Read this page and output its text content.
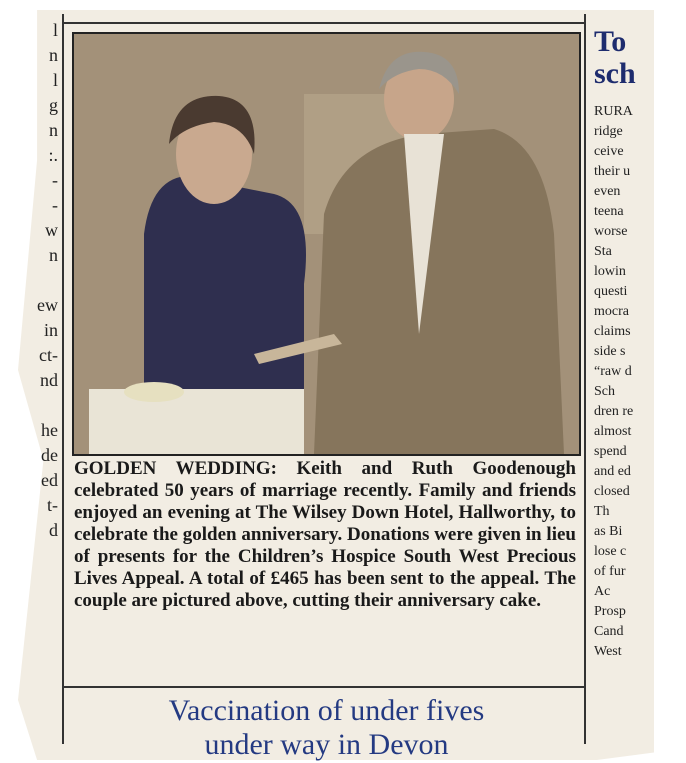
l
n
l
g
n
:.
-
-
w
n

ew
in
ct-
nd

he
de
ed
t-
d
GOLDEN WEDDING: Keith and Ruth Goodenough celebrated 50 years of marriage recently. Family and friends enjoyed an evening at The Wilsey Down Hotel, Hallworthy, to celebrate the golden anniversary. Donations were given in lieu of presents for the Children’s Hospice South West Precious Lives Appeal. A total of £465 has been sent to the appeal. The couple are pictured above, cutting their anniversary cake.
Vaccination of under fives
under way in Devon
To
sch
RURA
ridge
ceive
their u
even
teena
worse
Sta
lowin
questi
mocra
claims
side s
“raw d
Sch
dren re
almost
spend
and ed
closed
Th
as Bi
lose c
of fur
Ac
Prosp
Cand
West
